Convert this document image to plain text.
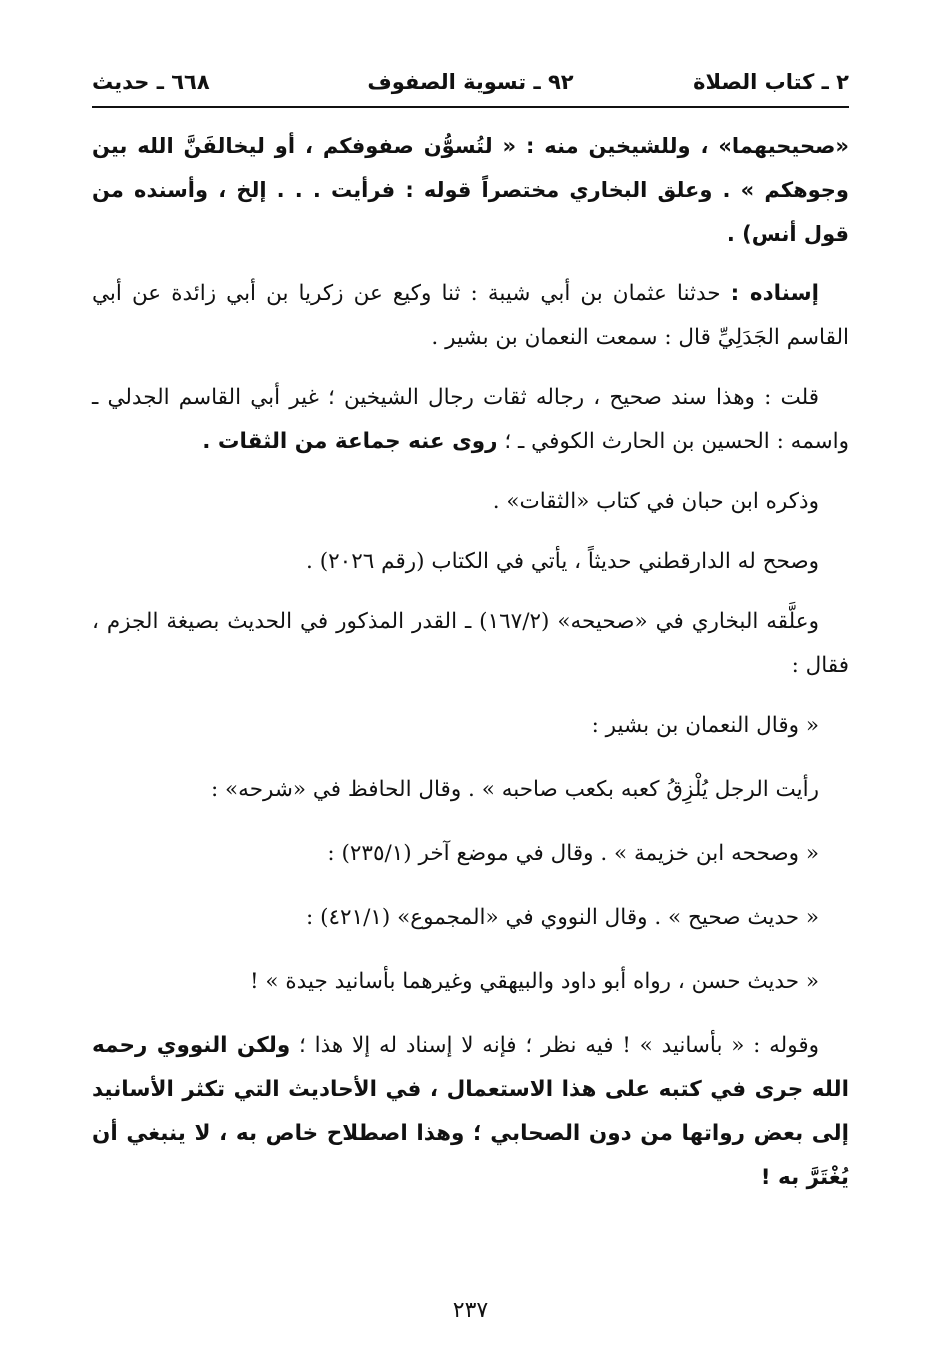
٢ ـ كتاب الصلاة
٩٢ ـ تسوية الصفوف
٦٦٨ ـ حديث

«صحيحيهما» ، وللشيخين منه : « لتُسوُّن صفوفكم ، أو ليخالفَنَّ الله بين وجوهكم » . وعلق البخاري مختصراً قوله : فرأيت . . . إلخ ، وأسنده من قول أنس) .

إسناده : حدثنا عثمان بن أبي شيبة : ثنا وكيع عن زكريا بن أبي زائدة عن أبي القاسم الجَدَلِيِّ قال : سمعت النعمان بن بشير .

قلت : وهذا سند صحيح ، رجاله ثقات رجال الشيخين ؛ غير أبي القاسم الجدلي ـ واسمه : الحسين بن الحارث الكوفي ـ ؛ روى عنه جماعة من الثقات .

وذكره ابن حبان في كتاب «الثقات» .

وصحح له الدارقطني حديثاً ، يأتي في الكتاب (رقم ٢٠٢٦) .

وعلَّقه البخاري في «صحيحه» (١٦٧/٢) ـ القدر المذكور في الحديث بصيغة الجزم ، فقال :

« وقال النعمان بن بشير :

رأيت الرجل يُلْزِقُ كعبه بكعب صاحبه » . وقال الحافظ في «شرحه» :

« وصححه ابن خزيمة » . وقال في موضع آخر (٢٣٥/١) :

« حديث صحيح » . وقال النووي في «المجموع» (٤٢١/١) :

« حديث حسن ، رواه أبو داود والبيهقي وغيرهما بأسانيد جيدة » !

وقوله : « بأسانيد » ! فيه نظر ؛ فإنه لا إسناد له إلا هذا ؛ ولكن النووي رحمه الله جرى في كتبه على هذا الاستعمال ، في الأحاديث التي تكثر الأسانيد إلى بعض رواتها من دون الصحابي ؛ وهذا اصطلاح خاص به ، لا ينبغي أن يُغْتَرَّ به !

٢٣٧
